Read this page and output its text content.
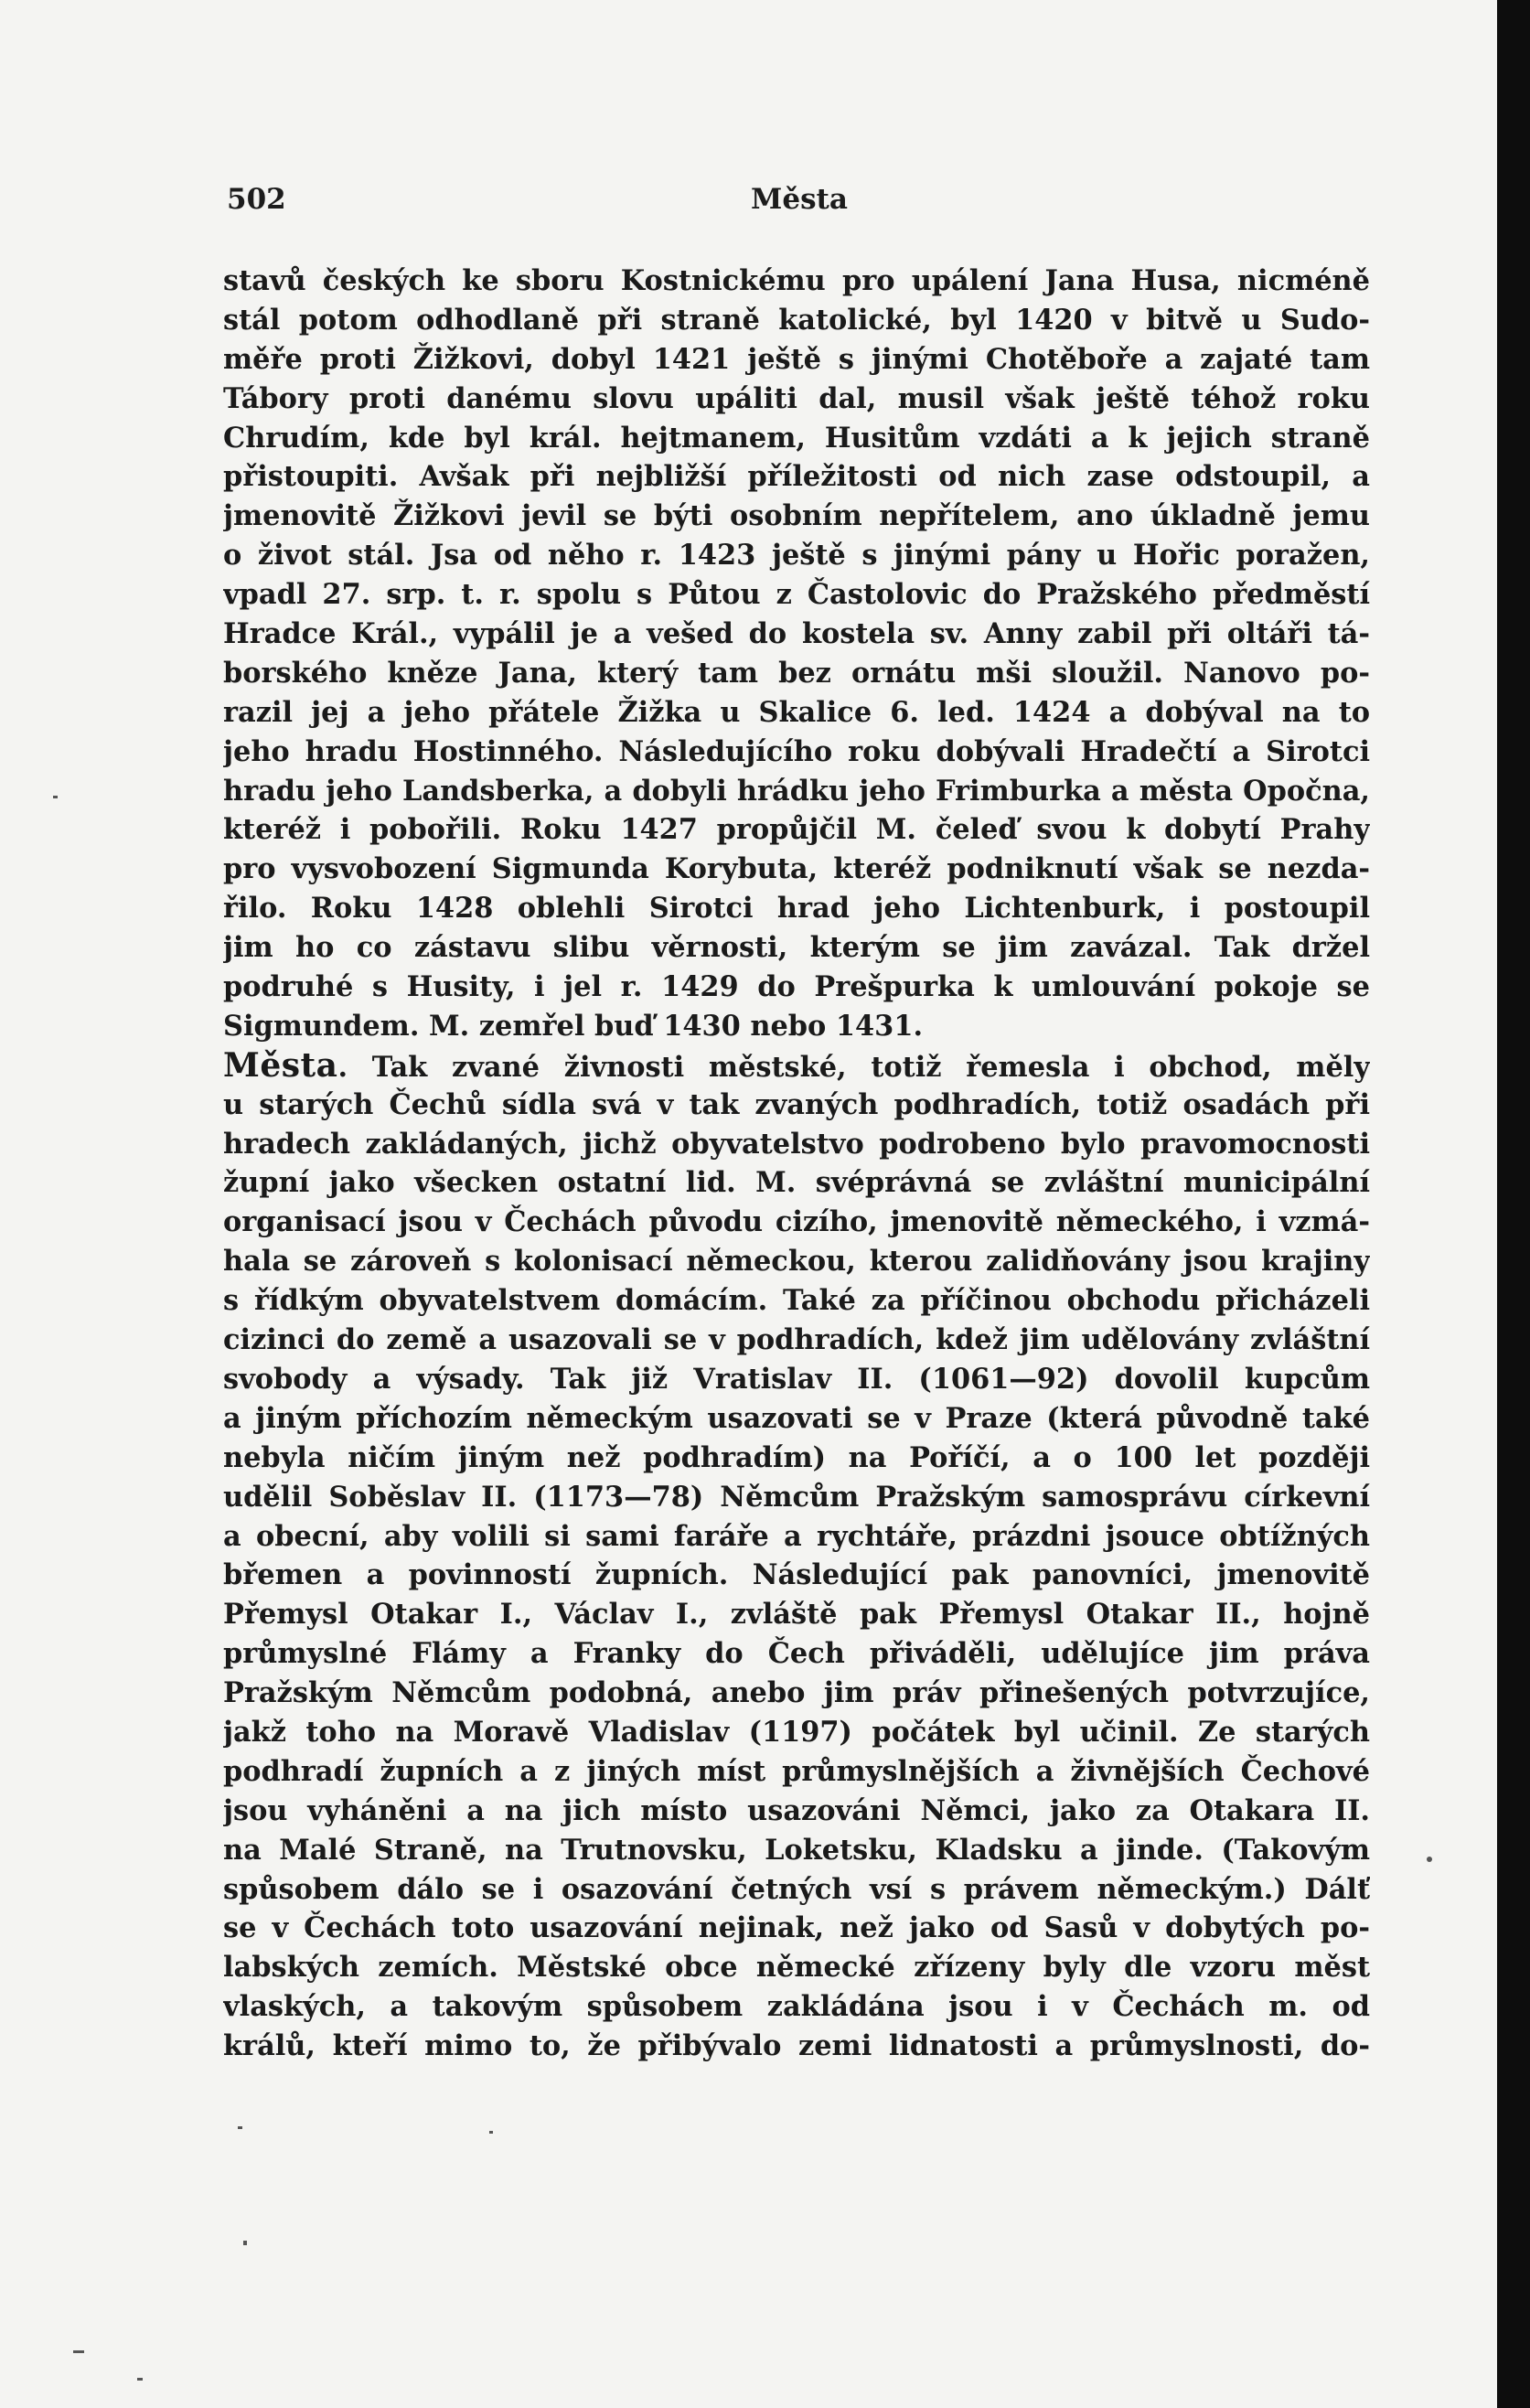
502	Města
stavů českých ke sboru Kostnickému pro upálení Jana Husa, nicméně
stál potom odhodlaně při straně katolické, byl 1420 v bitvě u Sudo-
měře proti Žižkovi, dobyl 1421 ještě s jinými Chotěboře a zajaté tam
Tábory proti danému slovu upáliti dal, musil však ještě téhož roku
Chrudím, kde byl král. hejtmanem, Husitům vzdáti a k jejich straně
přistoupiti. Avšak při nejbližší příležitosti od nich zase odstoupil, a
jmenovitě Žižkovi jevil se býti osobním nepřítelem, ano úkladně jemu
o život stál. Jsa od něho r. 1423 ještě s jinými pány u Hořic poražen,
vpadl 27. srp. t. r. spolu s Půtou z Častolovic do Pražského předměstí
Hradce Král., vypálil je a vešed do kostela sv. Anny zabil při oltáři tá-
borského kněze Jana, který tam bez ornátu mši sloužil. Nanovo po-
razil jej a jeho přátele Žižka u Skalice 6. led. 1424 a dobýval na to
jeho hradu Hostinného. Následujícího roku dobývali Hradečtí a Sirotci
hradu jeho Landsberka, a dobyli hrádku jeho Frimburka a města Opočna,
kteréž i pobořili. Roku 1427 propůjčil M. čeleď svou k dobytí Prahy
pro vysvobození Sigmunda Korybuta, kteréž podniknutí však se nezda-
řilo. Roku 1428 oblehli Sirotci hrad jeho Lichtenburk, i postoupil
jim ho co zástavu slibu věrnosti, kterým se jim zavázal. Tak držel
podruhé s Husity, i jel r. 1429 do Prešpurka k umlouvání pokoje se
Sigmundem. M. zemřel buď 1430 nebo 1431.
Města. Tak zvané živnosti městské, totiž řemesla i obchod, měly
u starých Čechů sídla svá v tak zvaných podhradích, totiž osadách při
hradech zakládaných, jichž obyvatelstvo podrobeno bylo pravomocnosti
župní jako všecken ostatní lid. M. svéprávná se zvláštní municipální
organisací jsou v Čechách původu cizího, jmenovitě německého, i vzmá-
hala se zároveň s kolonisací německou, kterou zalidňovány jsou krajiny
s řídkým obyvatelstvem domácím. Také za příčinou obchodu přicházeli
cizinci do země a usazovali se v podhradích, kdež jim udělovány zvláštní
svobody a výsady. Tak již Vratislav II. (1061—92) dovolil kupcům
a jiným příchozím německým usazovati se v Praze (která původně také
nebyla ničím jiným než podhradím) na Poříčí, a o 100 let později
udělil Soběslav II. (1173—78) Němcům Pražským samosprávu církevní
a obecní, aby volili si sami faráře a rychtáře, prázdni jsouce obtížných
břemen a povinností župních. Následující pak panovníci, jmenovitě
Přemysl Otakar I., Václav I., zvláště pak Přemysl Otakar II., hojně
průmyslné Flámy a Franky do Čech přiváděli, udělujíce jim práva
Pražským Němcům podobná, anebo jim práv přinešených potvrzujíce,
jakž toho na Moravě Vladislav (1197) počátek byl učinil. Ze starých
podhradí župních a z jiných míst průmyslnějších a živnějších Čechové
jsou vyháněni a na jich místo usazováni Němci, jako za Otakara II.
na Malé Straně, na Trutnovsku, Loketsku, Kladsku a jinde. (Takovým
spůsobem dálo se i osazování četných vsí s právem německým.) Dálť
se v Čechách toto usazování nejinak, než jako od Sasů v dobytých po-
labských zemích. Městské obce německé zřízeny byly dle vzoru měst
vlaských, a takovým spůsobem zakládána jsou i v Čechách m. od
králů, kteří mimo to, že přibývalo zemi lidnatosti a průmyslnosti, do-
